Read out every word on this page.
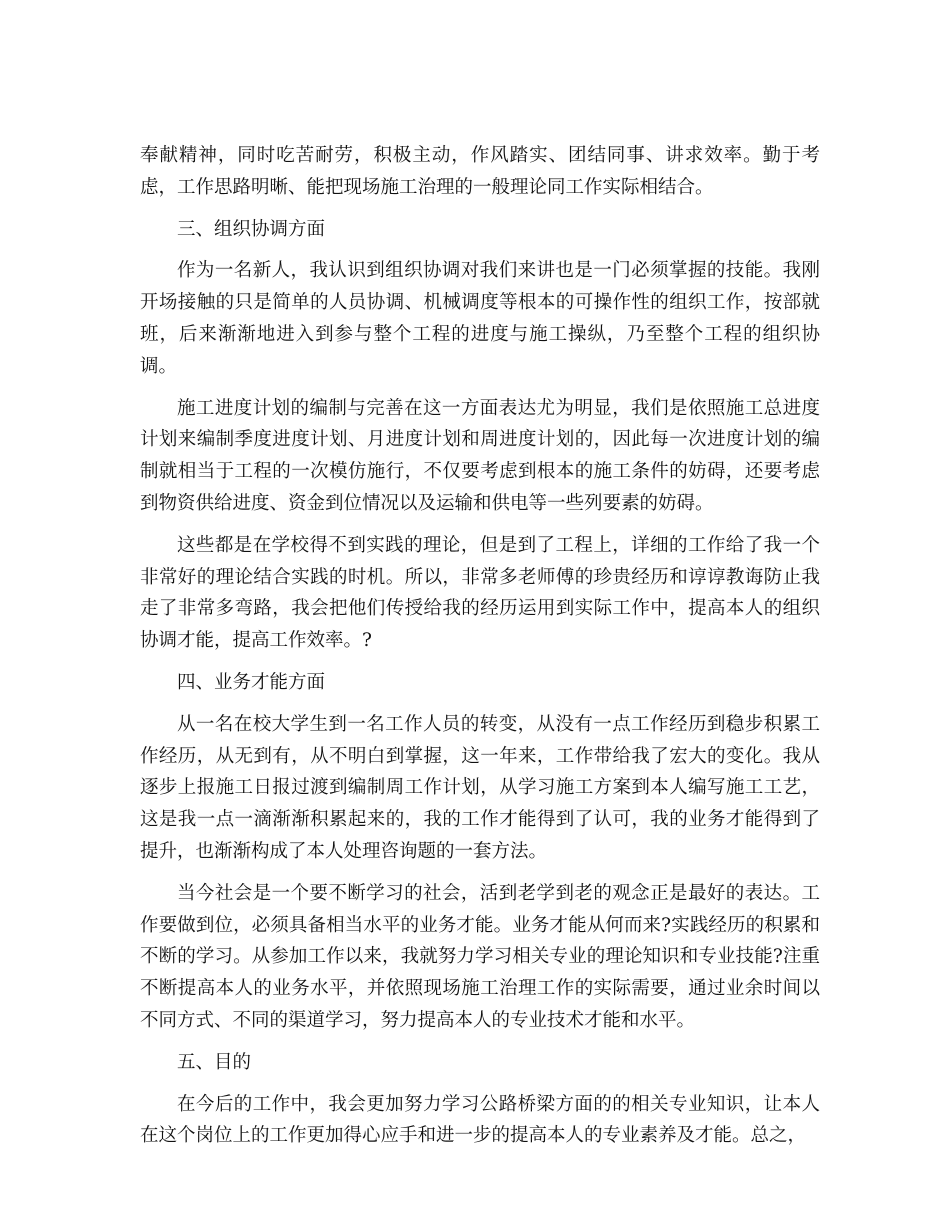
奉献精神，同时吃苦耐劳，积极主动，作风踏实、团结同事、讲求效率。勤于考虑，工作思路明晰、能把现场施工治理的一般理论同工作实际相结合。

三、组织协调方面

作为一名新人，我认识到组织协调对我们来讲也是一门必须掌握的技能。我刚开场接触的只是简单的人员协调、机械调度等根本的可操作性的组织工作，按部就班，后来渐渐地进入到参与整个工程的进度与施工操纵，乃至整个工程的组织协调。

施工进度计划的编制与完善在这一方面表达尤为明显，我们是依照施工总进度计划来编制季度进度计划、月进度计划和周进度计划的，因此每一次进度计划的编制就相当于工程的一次模仿施行，不仅要考虑到根本的施工条件的妨碍，还要考虑到物资供给进度、资金到位情况以及运输和供电等一些列要素的妨碍。

这些都是在学校得不到实践的理论，但是到了工程上，详细的工作给了我一个非常好的理论结合实践的时机。所以，非常多老师傅的珍贵经历和谆谆教诲防止我走了非常多弯路，我会把他们传授给我的经历运用到实际工作中，提高本人的组织协调才能，提高工作效率。?

四、业务才能方面

从一名在校大学生到一名工作人员的转变，从没有一点工作经历到稳步积累工作经历，从无到有，从不明白到掌握，这一年来，工作带给我了宏大的变化。我从逐步上报施工日报过渡到编制周工作计划，从学习施工方案到本人编写施工工艺，这是我一点一滴渐渐积累起来的，我的工作才能得到了认可，我的业务才能得到了提升，也渐渐构成了本人处理咨询题的一套方法。

当今社会是一个要不断学习的社会，活到老学到老的观念正是最好的表达。工作要做到位，必须具备相当水平的业务才能。业务才能从何而来?实践经历的积累和不断的学习。从参加工作以来，我就努力学习相关专业的理论知识和专业技能?注重不断提高本人的业务水平，并依照现场施工治理工作的实际需要，通过业余时间以不同方式、不同的渠道学习，努力提高本人的专业技术才能和水平。

五、目的

在今后的工作中，我会更加努力学习公路桥梁方面的的相关专业知识，让本人在这个岗位上的工作更加得心应手和进一步的提高本人的专业素养及才能。总之，
